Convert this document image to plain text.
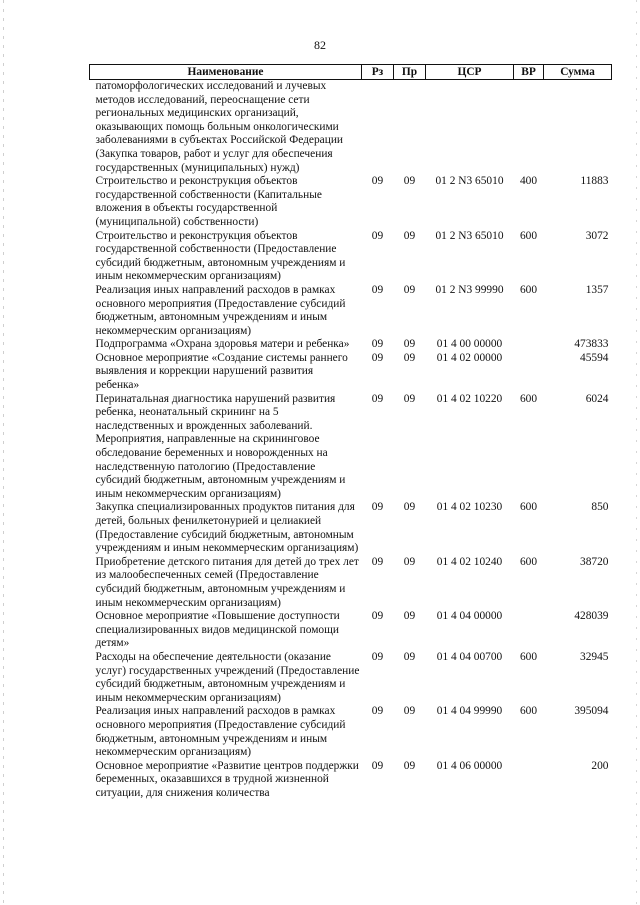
82
Наименование	Рз	Пр	ЦСР	ВР	Сумма
патоморфологических исследований и лучевых методов исследований, переоснащение сети региональных медицинских организаций, оказывающих помощь больным онкологическими заболеваниями в субъектах Российской Федерации (Закупка товаров, работ и услуг для обеспечения государственных (муниципальных) нужд)					
Строительство и реконструкция объектов государственной собственности (Капитальные вложения в объекты государственной (муниципальной) собственности)	09	09	01 2 N3 65010	400	11883
Строительство и реконструкция объектов государственной собственности (Предоставление субсидий бюджетным, автономным учреждениям и иным некоммерческим организациям)	09	09	01 2 N3 65010	600	3072
Реализация иных направлений расходов в рамках основного мероприятия (Предоставление субсидий бюджетным, автономным учреждениям и иным некоммерческим организациям)	09	09	01 2 N3 99990	600	1357
Подпрограмма «Охрана здоровья матери и ребенка»	09	09	01 4 00 00000		473833
Основное мероприятие «Создание системы раннего выявления и коррекции нарушений развития ребенка»	09	09	01 4 02 00000		45594
Перинатальная диагностика нарушений развития ребенка, неонатальный скрининг на 5 наследственных и врожденных заболеваний. Мероприятия, направленные на скрининговое обследование беременных и новорожденных на наследственную патологию (Предоставление субсидий бюджетным, автономным учреждениям и иным некоммерческим организациям)	09	09	01 4 02 10220	600	6024
Закупка специализированных продуктов питания для детей, больных фенилкетонурией и целиакией (Предоставление субсидий бюджетным, автономным учреждениям и иным некоммерческим организациям)	09	09	01 4 02 10230	600	850
Приобретение детского питания для детей до трех лет из малообеспеченных семей (Предоставление субсидий бюджетным, автономным учреждениям и иным некоммерческим организациям)	09	09	01 4 02 10240	600	38720
Основное мероприятие «Повышение доступности специализированных видов медицинской помощи детям»	09	09	01 4 04 00000		428039
Расходы на обеспечение деятельности (оказание услуг) государственных учреждений (Предоставление субсидий бюджетным, автономным учреждениям и иным некоммерческим организациям)	09	09	01 4 04 00700	600	32945
Реализация иных направлений расходов в рамках основного мероприятия (Предоставление субсидий бюджетным, автономным учреждениям и иным некоммерческим организациям)	09	09	01 4 04 99990	600	395094
Основное мероприятие «Развитие центров поддержки беременных, оказавшихся в трудной жизненной ситуации, для снижения количества	09	09	01 4 06 00000		200
